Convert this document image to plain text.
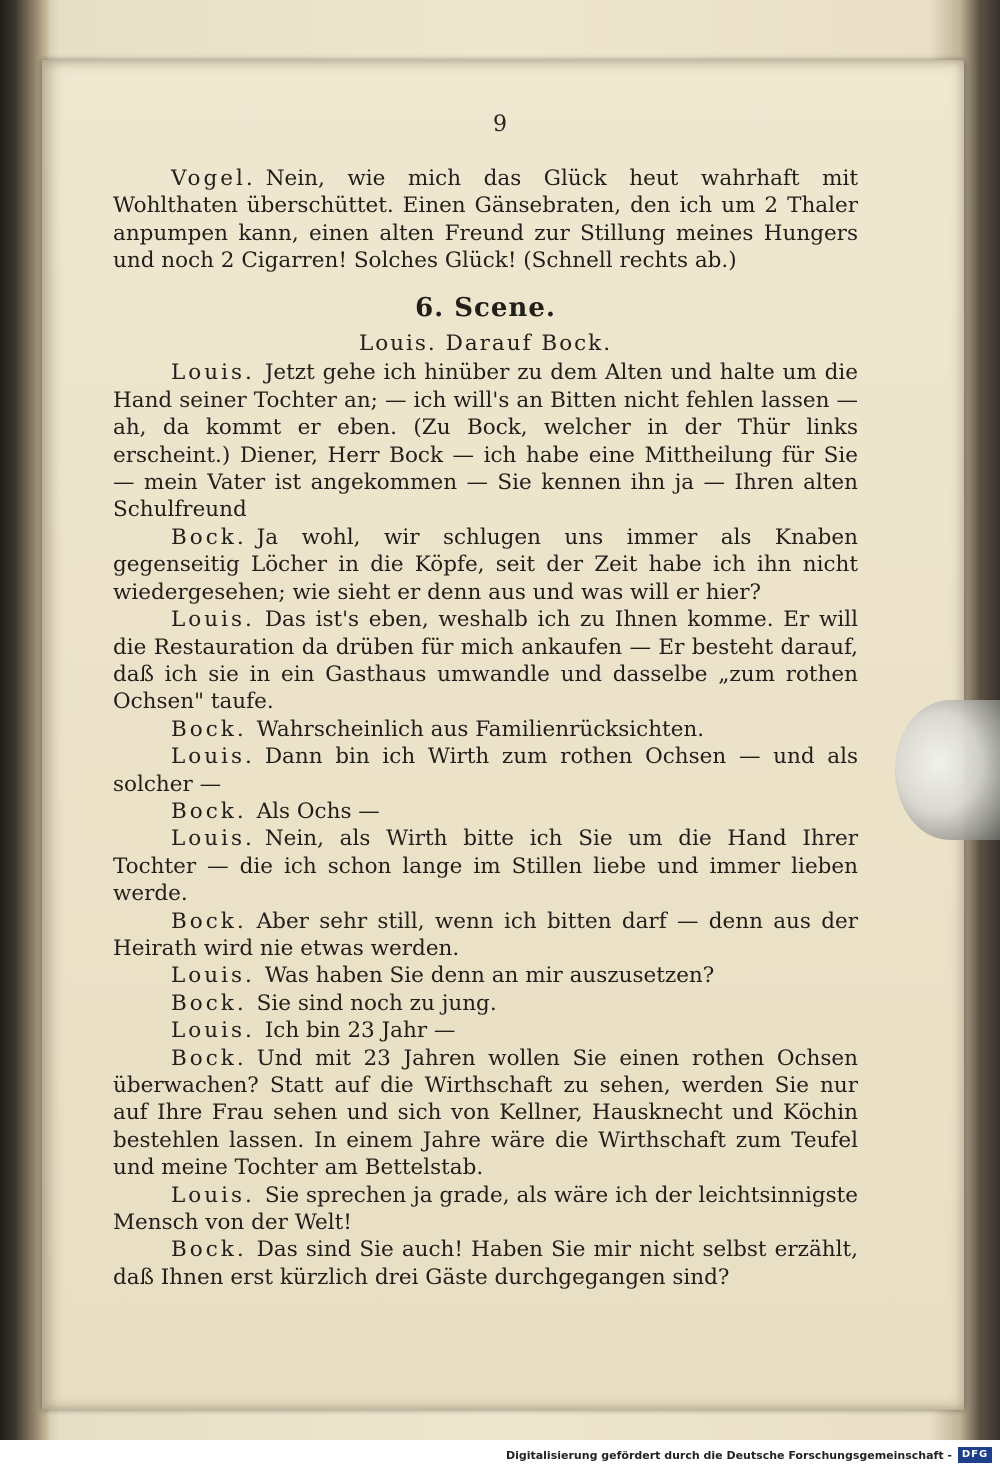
9

Vogel. Nein, wie mich das Glück heut wahrhaft mit Wohlthaten überschüttet. Einen Gänsebraten, den ich um 2 Thaler anpumpen kann, einen alten Freund zur Stillung meines Hungers und noch 2 Cigarren! Solches Glück! (Schnell rechts ab.)

6. Scene.
Louis. Darauf Bock.

Louis. Jetzt gehe ich hinüber zu dem Alten und halte um die Hand seiner Tochter an; — ich will's an Bitten nicht fehlen lassen — ah, da kommt er eben. (Zu Bock, welcher in der Thür links erscheint.) Diener, Herr Bock — ich habe eine Mittheilung für Sie — mein Vater ist angekommen — Sie kennen ihn ja — Ihren alten Schulfreund

Bock. Ja wohl, wir schlugen uns immer als Knaben gegenseitig Löcher in die Köpfe, seit der Zeit habe ich ihn nicht wiedergesehen; wie sieht er denn aus und was will er hier?

Louis. Das ist's eben, weshalb ich zu Ihnen komme. Er will die Restauration da drüben für mich ankaufen — Er besteht darauf, daß ich sie in ein Gasthaus umwandle und dasselbe „zum rothen Ochsen" taufe.

Bock. Wahrscheinlich aus Familienrücksichten.

Louis. Dann bin ich Wirth zum rothen Ochsen — und als solcher —

Bock. Als Ochs —

Louis. Nein, als Wirth bitte ich Sie um die Hand Ihrer Tochter — die ich schon lange im Stillen liebe und immer lieben werde.

Bock. Aber sehr still, wenn ich bitten darf — denn aus der Heirath wird nie etwas werden.

Louis. Was haben Sie denn an mir auszusetzen?

Bock. Sie sind noch zu jung.

Louis. Ich bin 23 Jahr —

Bock. Und mit 23 Jahren wollen Sie einen rothen Ochsen überwachen? Statt auf die Wirthschaft zu sehen, werden Sie nur auf Ihre Frau sehen und sich von Kellner, Hausknecht und Köchin bestehlen lassen. In einem Jahre wäre die Wirthschaft zum Teufel und meine Tochter am Bettelstab.

Louis. Sie sprechen ja grade, als wäre ich der leichtsinnigste Mensch von der Welt!

Bock. Das sind Sie auch! Haben Sie mir nicht selbst erzählt, daß Ihnen erst kürzlich drei Gäste durchgegangen sind?

Digitalisierung gefördert durch die Deutsche Forschungsgemeinschaft - DFG
